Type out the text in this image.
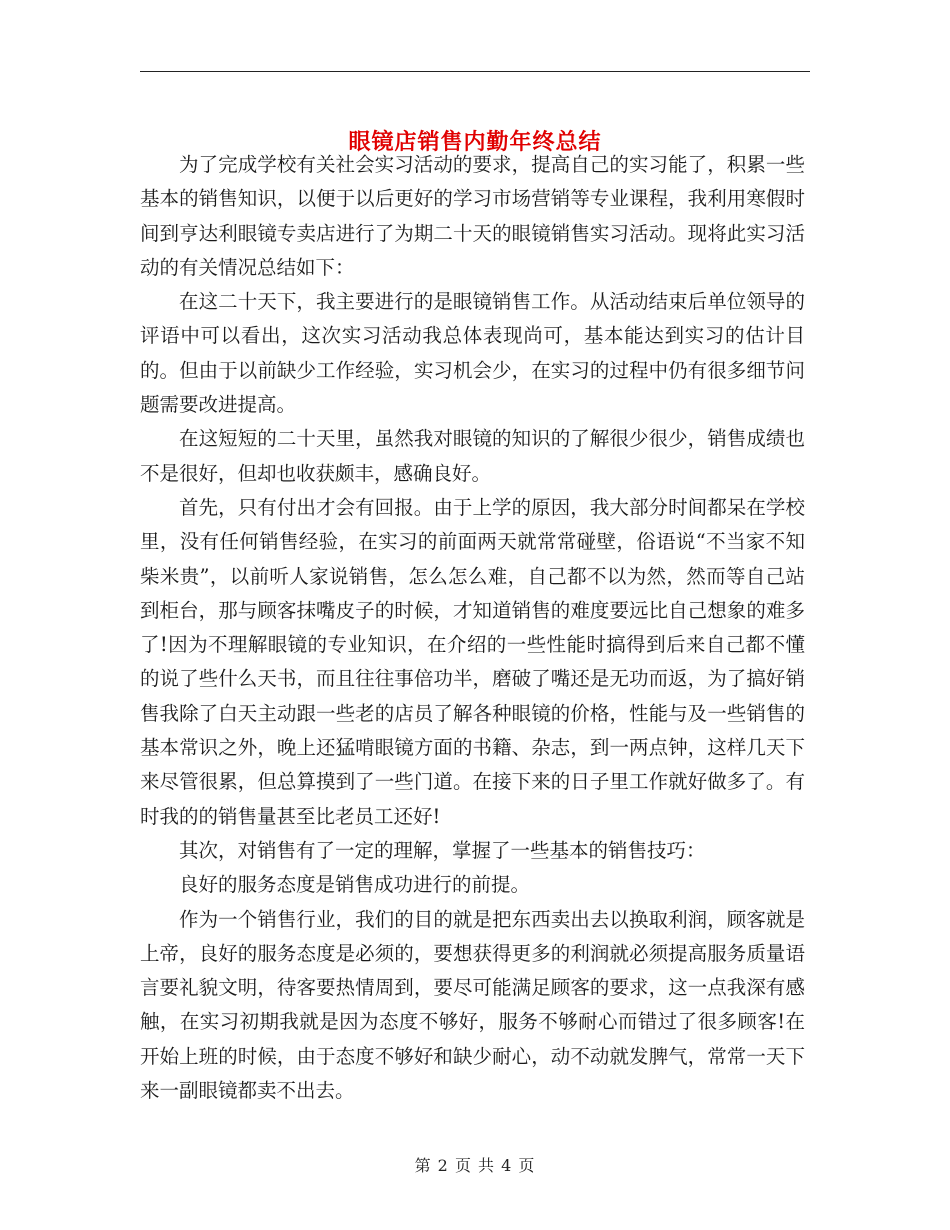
眼镜店销售内勤年终总结

为了完成学校有关社会实习活动的要求，提高自己的实习能了，积累一些基本的销售知识，以便于以后更好的学习市场营销等专业课程，我利用寒假时间到亨达利眼镜专卖店进行了为期二十天的眼镜销售实习活动。现将此实习活动的有关情况总结如下：

在这二十天下，我主要进行的是眼镜销售工作。从活动结束后单位领导的评语中可以看出，这次实习活动我总体表现尚可，基本能达到实习的估计目的。但由于以前缺少工作经验，实习机会少，在实习的过程中仍有很多细节问题需要改进提高。

在这短短的二十天里，虽然我对眼镜的知识的了解很少很少，销售成绩也不是很好，但却也收获颇丰，感确良好。

首先，只有付出才会有回报。由于上学的原因，我大部分时间都呆在学校里，没有任何销售经验，在实习的前面两天就常常碰壁，俗语说“不当家不知柴米贵”，以前听人家说销售，怎么怎么难，自己都不以为然，然而等自己站到柜台，那与顾客抹嘴皮子的时候，才知道销售的难度要远比自己想象的难多了!因为不理解眼镜的专业知识，在介绍的一些性能时搞得到后来自己都不懂的说了些什么天书，而且往往事倍功半，磨破了嘴还是无功而返，为了搞好销售我除了白天主动跟一些老的店员了解各种眼镜的价格，性能与及一些销售的基本常识之外，晚上还猛啃眼镜方面的书籍、杂志，到一两点钟，这样几天下来尽管很累，但总算摸到了一些门道。在接下来的日子里工作就好做多了。有时我的的销售量甚至比老员工还好!

其次，对销售有了一定的理解，掌握了一些基本的销售技巧：

良好的服务态度是销售成功进行的前提。

作为一个销售行业，我们的目的就是把东西卖出去以换取利润，顾客就是上帝，良好的服务态度是必须的，要想获得更多的利润就必须提高服务质量语言要礼貌文明，待客要热情周到，要尽可能满足顾客的要求，这一点我深有感触，在实习初期我就是因为态度不够好，服务不够耐心而错过了很多顾客!在开始上班的时候，由于态度不够好和缺少耐心，动不动就发脾气，常常一天下来一副眼镜都卖不出去。

第 2 页 共 4 页
